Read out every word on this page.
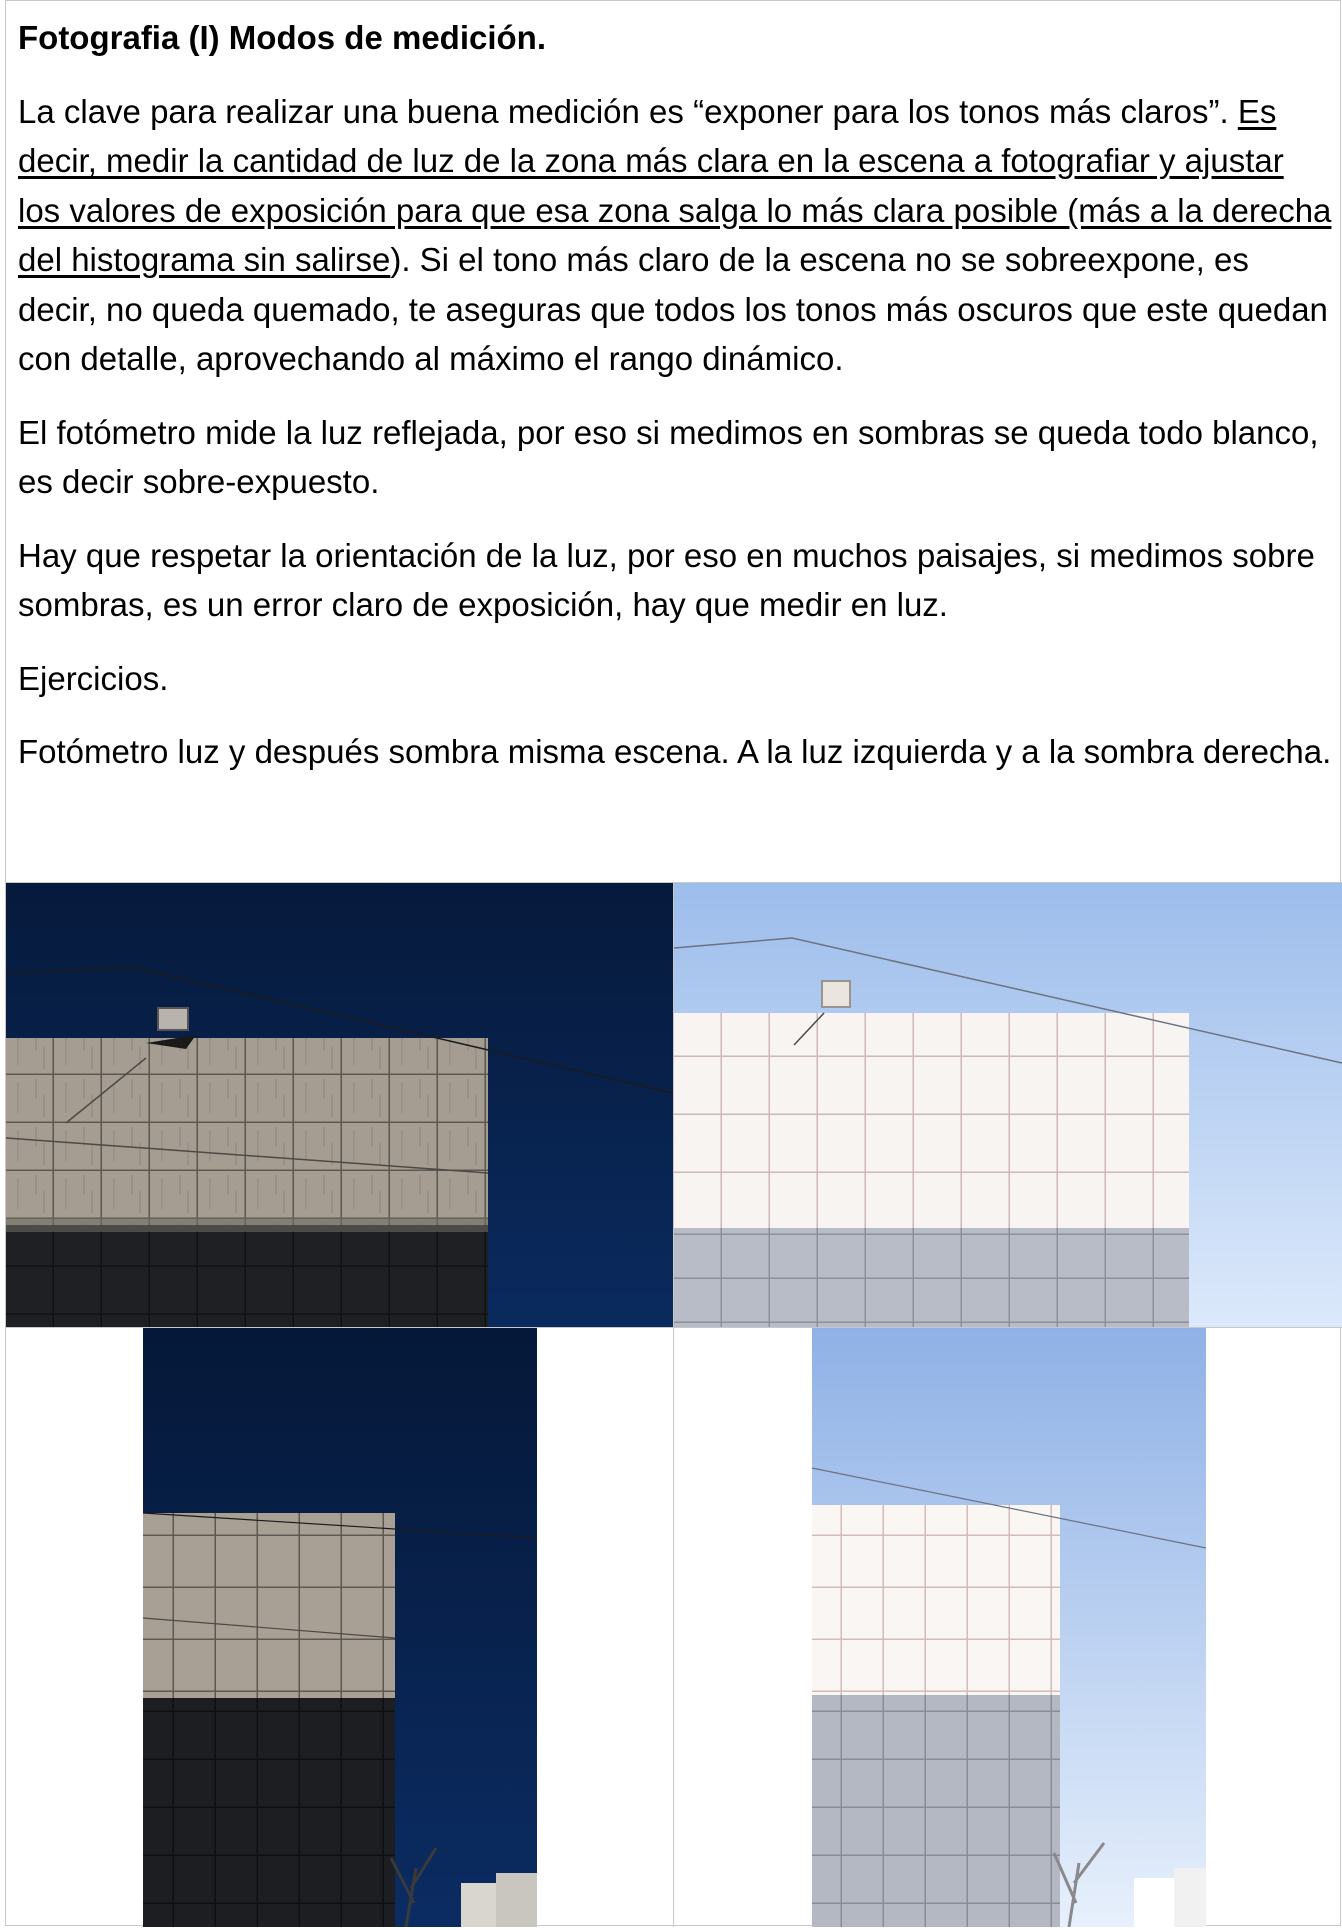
Fotografia (I) Modos de medición.

La clave para realizar una buena medición es “exponer para los tonos más claros”. Es decir, medir la cantidad de luz de la zona más clara en la escena a fotografiar y ajustar los valores de exposición para que esa zona salga lo más clara posible (más a la derecha del histograma sin salirse). Si el tono más claro de la escena no se sobreexpone, es decir, no queda quemado, te aseguras que todos los tonos más oscuros que este quedan con detalle, aprovechando al máximo el rango dinámico.

El fotómetro mide la luz reflejada, por eso si medimos en sombras se queda todo blanco, es decir sobre-expuesto.

Hay que respetar la orientación de la luz, por eso en muchos paisajes, si medimos sobre sombras, es un error claro de exposición, hay que medir en luz.

Ejercicios.

Fotómetro luz y después sombra misma escena. A la luz izquierda y a la sombra derecha.
